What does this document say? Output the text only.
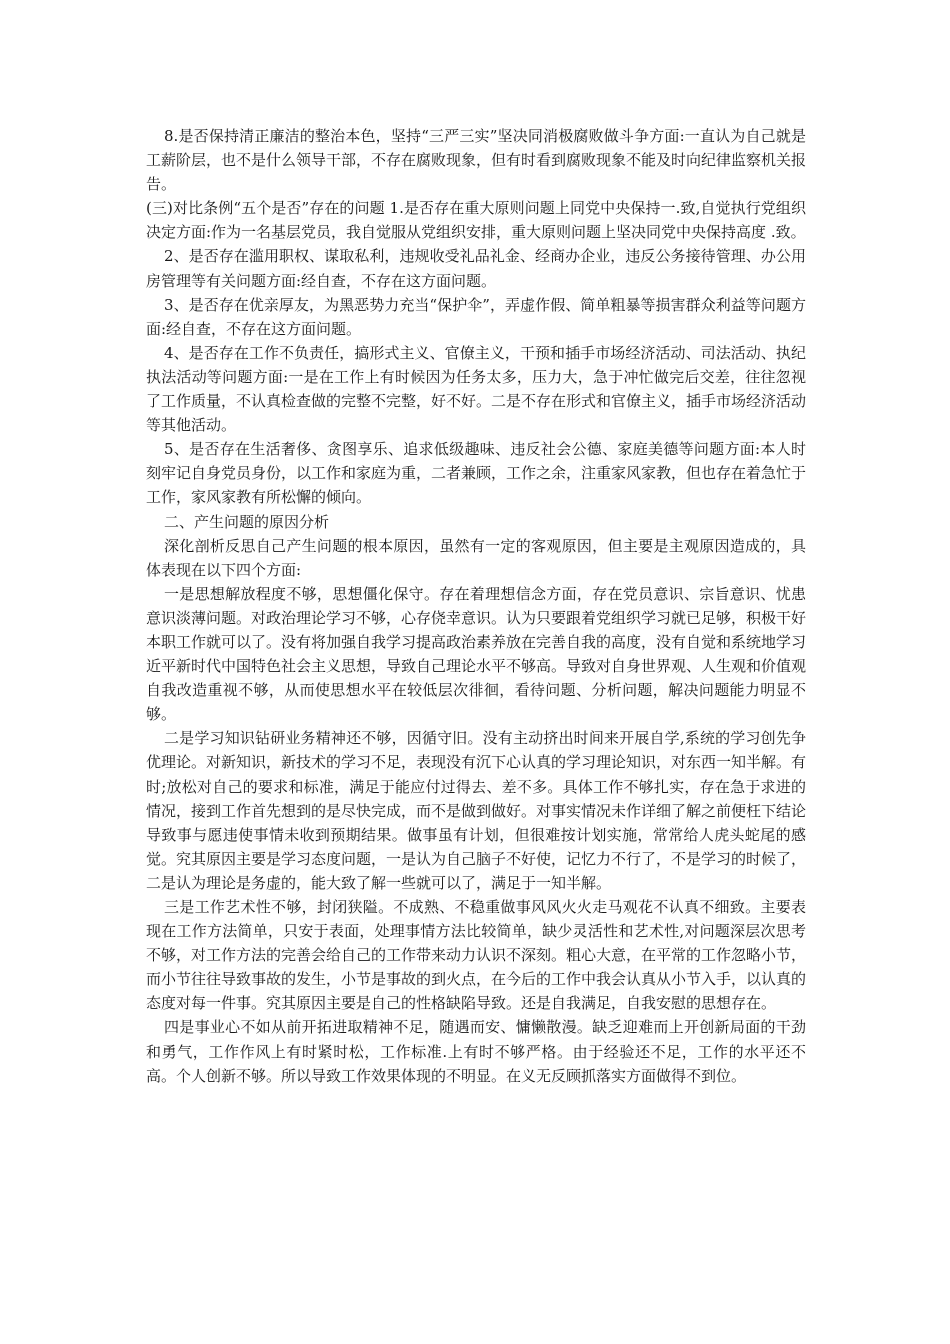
8.是否保持清正廉洁的整治本色，坚持“三严三实”坚决同消极腐败做斗争方面:一直认为自己就是工薪阶层，也不是什么领导干部，不存在腐败现象，但有时看到腐败现象不能及时向纪律监察机关报告。

(三)对比条例“五个是否”存在的问题 1.是否存在重大原则问题上同党中央保持一.致,自觉执行党组织决定方面:作为一名基层党员，我自觉服从党组织安排，重大原则问题上坚决同党中央保持高度 .致。

2、是否存在滥用职权、谋取私利，违规收受礼品礼金、经商办企业，违反公务接待管理、办公用房管理等有关问题方面:经自查，不存在这方面问题。

3、是否存在优亲厚友，为黑恶势力充当“保护伞”，弄虚作假、简单粗暴等损害群众利益等问题方面:经自查，不存在这方面问题。

4、是否存在工作不负责任，搞形式主义、官僚主义，干预和插手市场经济活动、司法活动、执纪执法活动等问题方面:一是在工作上有时候因为任务太多，压力大，急于冲忙做完后交差，往往忽视了工作质量，不认真检查做的完整不完整，好不好。二是不存在形式和官僚主义，插手市场经济活动等其他活动。

5、是否存在生活奢侈、贪图享乐、追求低级趣味、违反社会公德、家庭美德等问题方面:本人时刻牢记自身党员身份，以工作和家庭为重，二者兼顾，工作之余，注重家风家教，但也存在着急忙于工作，家风家教有所松懈的倾向。

二、产生问题的原因分析

深化剖析反思自己产生问题的根本原因，虽然有一定的客观原因，但主要是主观原因造成的，具体表现在以下四个方面:

一是思想解放程度不够，思想僵化保守。存在着理想信念方面，存在党员意识、宗旨意识、忧患意识淡薄问题。对政治理论学习不够，心存侥幸意识。认为只要跟着党组织学习就已足够，积极干好本职工作就可以了。没有将加强自我学习提高政治素养放在完善自我的高度，没有自觉和系统地学习近平新时代中国特色社会主义思想，导致自己理论水平不够高。导致对自身世界观、人生观和价值观自我改造重视不够，从而使思想水平在较低层次徘徊，看待问题、分析问题，解决问题能力明显不够。

二是学习知识钻研业务精神还不够，因循守旧。没有主动挤出时间来开展自学,系统的学习创先争优理论。对新知识，新技术的学习不足，表现没有沉下心认真的学习理论知识，对东西一知半解。有时;放松对自己的要求和标准，满足于能应付过得去、差不多。具体工作不够扎实，存在急于求进的情况，接到工作首先想到的是尽快完成，而不是做到做好。对事实情况未作详细了解之前便枉下结论导致事与愿违使事情未收到预期结果。做事虽有计划，但很难按计划实施，常常给人虎头蛇尾的感觉。究其原因主要是学习态度问题，一是认为自己脑子不好使，记忆力不行了，不是学习的时候了，二是认为理论是务虚的，能大致了解一些就可以了，满足于一知半解。

三是工作艺术性不够，封闭狭隘。不成熟、不稳重做事风风火火走马观花不认真不细致。主要表现在工作方法简单，只安于表面，处理事情方法比较简单，缺少灵活性和艺术性,对问题深层次思考不够，对工作方法的完善会给自己的工作带来动力认识不深刻。粗心大意，在平常的工作忽略小节，而小节往往导致事故的发生，小节是事故的到火点，在今后的工作中我会认真从小节入手，以认真的态度对每一件事。究其原因主要是自己的性格缺陷导致。还是自我满足，自我安慰的思想存在。

四是事业心不如从前开拓进取精神不足，随遇而安、慵懒散漫。缺乏迎难而上开创新局面的干劲和勇气，工作作风上有时紧时松，工作标准.上有时不够严格。由于经验还不足，工作的水平还不高。个人创新不够。所以导致工作效果体现的不明显。在义无反顾抓落实方面做得不到位。
